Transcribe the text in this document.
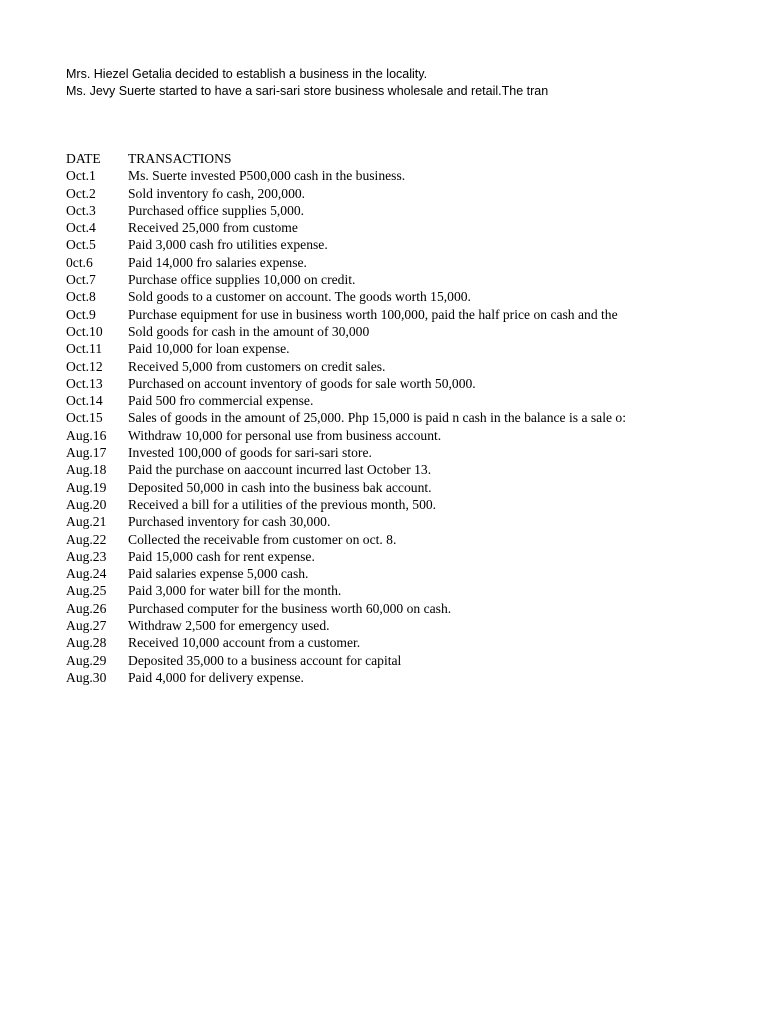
Mrs. Hiezel Getalia decided to establish a business in the locality.
Ms. Jevy Suerte started to have a sari-sari store business wholesale and retail.The tran
DATE	TRANSACTIONS
Oct.1	Ms. Suerte invested P500,000 cash in the business.
Oct.2	Sold inventory fo cash, 200,000.
Oct.3	Purchased office supplies 5,000.
Oct.4	Received 25,000 from custome
Oct.5	Paid 3,000 cash fro utilities expense.
0ct.6	Paid 14,000 fro salaries expense.
Oct.7	Purchase office supplies 10,000 on credit.
Oct.8	Sold goods to a customer on account. The goods worth 15,000.
Oct.9	Purchase equipment for use in business worth 100,000, paid the half price on cash and the
Oct.10	Sold goods for cash in the amount of 30,000
Oct.11	Paid 10,000 for loan expense.
Oct.12	Received 5,000 from customers on credit sales.
Oct.13	Purchased on account inventory of goods for sale worth 50,000.
Oct.14	Paid 500 fro commercial expense.
Oct.15	Sales of goods in the amount of 25,000. Php 15,000 is paid n cash in the balance is a sale o:
Aug.16	Withdraw 10,000 for personal use from business account.
Aug.17	Invested 100,000 of goods for sari-sari store.
Aug.18	Paid the purchase on aaccount incurred last October 13.
Aug.19	Deposited 50,000 in cash into the business bak account.
Aug.20	Received a bill for a utilities of the previous month, 500.
Aug.21	Purchased inventory for cash 30,000.
Aug.22	Collected the receivable from customer on oct. 8.
Aug.23	Paid 15,000 cash for rent expense.
Aug.24	Paid salaries expense 5,000 cash.
Aug.25	Paid 3,000 for water bill for the month.
Aug.26	Purchased computer for the business worth 60,000 on cash.
Aug.27	Withdraw 2,500 for emergency used.
Aug.28	Received 10,000 account from a customer.
Aug.29	Deposited 35,000 to a business account for capital
Aug.30	Paid 4,000 for delivery expense.
